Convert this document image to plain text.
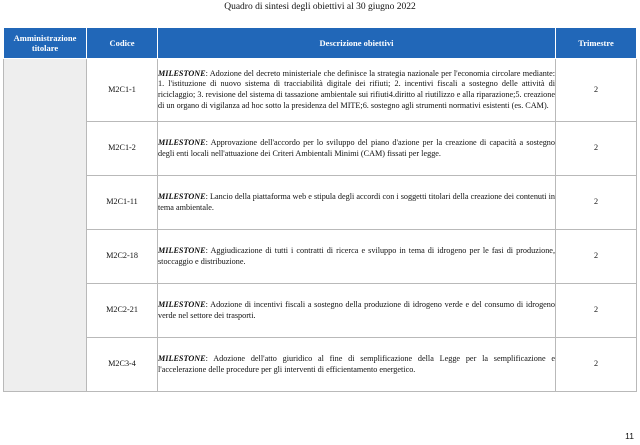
Quadro di sintesi degli obiettivi al 30 giugno 2022
Amministrazione titolare	Codice	Descrizione obiettivi	Trimestre
	M2C1-1	MILESTONE: Adozione del decreto ministeriale che definisce la strategia nazionale per l'economia circolare mediante: 1. l'istituzione di nuovo sistema di tracciabilità digitale dei rifiuti; 2. incentivi fiscali a sostegno delle attività di riciclaggio; 3. revisione del sistema di tassazione ambientale sui rifiuti4.diritto al riutilizzo e alla riparazione;5. creazione di un organo di vigilanza ad hoc sotto la presidenza del MITE;6. sostegno agli strumenti normativi esistenti (es. CAM).	2
	M2C1-2	MILESTONE: Approvazione dell'accordo per lo sviluppo del piano d'azione per la creazione di capacità a sostegno degli enti locali nell'attuazione dei Criteri Ambientali Minimi (CAM) fissati per legge.	2
	M2C1-11	MILESTONE: Lancio della piattaforma web e stipula degli accordi con i soggetti titolari della creazione dei contenuti in tema ambientale.	2
	M2C2-18	MILESTONE: Aggiudicazione di tutti i contratti di ricerca e sviluppo in tema di idrogeno per le fasi di produzione, stoccaggio e distribuzione.	2
	M2C2-21	MILESTONE: Adozione di incentivi fiscali a sostegno della produzione di idrogeno verde e del consumo di idrogeno verde nel settore dei trasporti.	2
	M2C3-4	MILESTONE: Adozione dell'atto giuridico al fine di semplificazione della Legge per la semplificazione e l'accelerazione delle procedure per gli interventi di efficientamento energetico.	2
11
